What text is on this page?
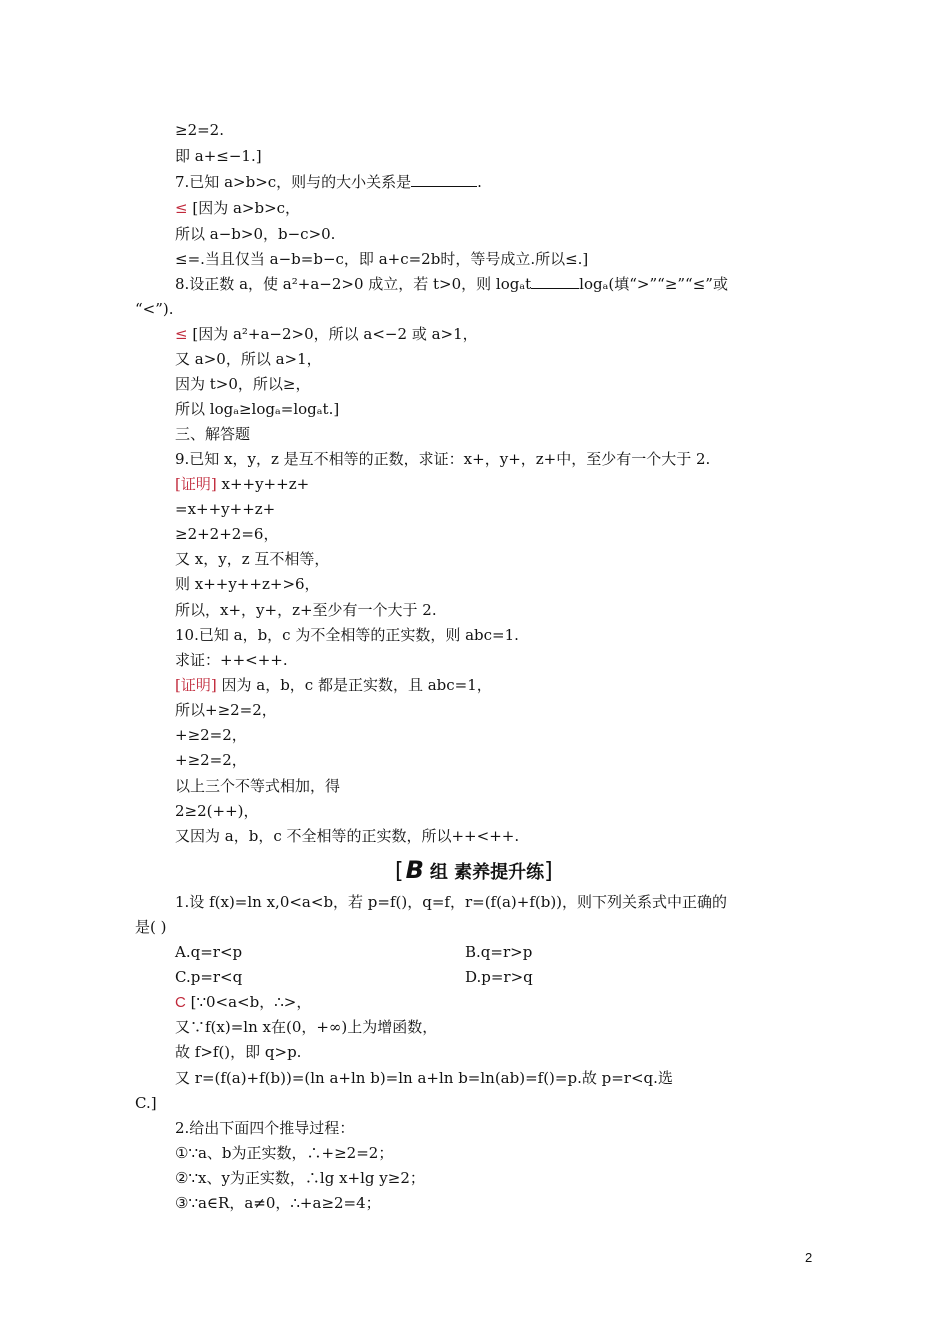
≥2=2.
即 a+≤−1.]
7.已知 a>b>c，则与的大小关系是	.
≤ [因为 a>b>c，
所以 a−b>0，b−c>0.
≤=.当且仅当 a−b=b−c，即 a+c=2b时，等号成立.所以≤.]
8.设正数 a，使 a²+a−2>0 成立，若 t>0，则 logₐt	logₐ(填“>”“≥”“≤”或
“<”).
≤ [因为 a²+a−2>0，所以 a<−2 或 a>1，
又 a>0，所以 a>1，
因为 t>0，所以≥，
所以 logₐ≥logₐ=logₐt.]
三、解答题
9.已知 x，y，z 是互不相等的正数，求证：x+，y+，z+中，至少有一个大于 2.
[证明] x++y++z+
=x++y++z+
≥2+2+2=6，
又 x，y，z 互不相等，
则 x++y++z+>6，
所以，x+，y+，z+至少有一个大于 2.
10.已知 a，b，c 为不全相等的正实数，则 abc=1.
求证：++<++.
[证明] 因为 a，b，c 都是正实数，且 abc=1，
所以+≥2=2，
+≥2=2，
+≥2=2，
以上三个不等式相加，得
2≥2(++)，
又因为 a，b，c 不全相等的正实数，所以++<++.
[B 组 素养提升练]
1.设 f(x)=ln x,0<a<b，若 p=f()，q=f，r=(f(a)+f(b))，则下列关系式中正确的
是( )
A.q=r<p	B.q=r>p
C.p=r<q	D.p=r>q
C [∵0<a<b，∴>，
又∵f(x)=ln x在(0，+∞)上为增函数，
故 f>f()，即 q>p.
又 r=(f(a)+f(b))=(ln a+ln b)=ln a+ln b=ln(ab)=f()=p.故 p=r<q.选
C.]
2.给出下面四个推导过程：
①∵a、b为正实数，∴+≥2=2；
②∵x、y为正实数，∴lg x+lg y≥2；
③∵a∈R，a≠0，∴+a≥2=4；
2
